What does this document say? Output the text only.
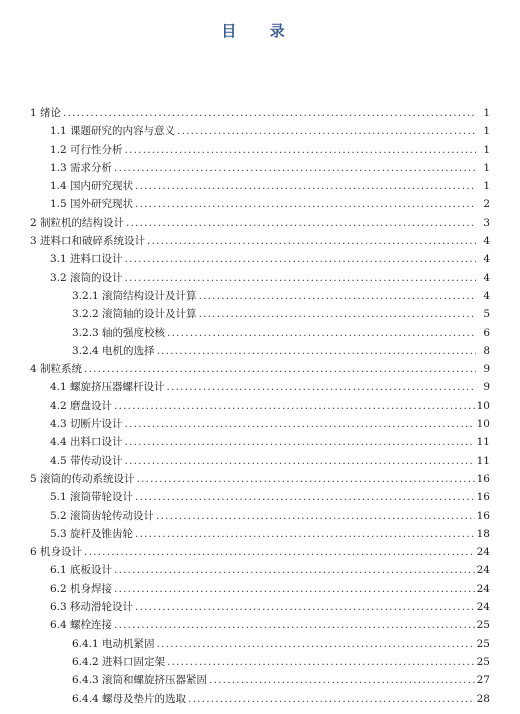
目 录
1 绪论 .....	1
1.1 课题研究的内容与意义 .....	1
1.2 可行性分析 .....	1
1.3 需求分析 .....	1
1.4 国内研究现状 .....	1
1.5 国外研究现状 .....	2
2 制粒机的结构设计 .....	3
3 进料口和破碎系统设计 .....	4
3.1 进料口设计 .....	4
3.2 滚筒的设计 .....	4
3.2.1 滚筒结构设计及计算 .....	4
3.2.2 滚筒轴的设计及计算 .....	5
3.2.3 轴的强度校核 .....	6
3.2.4 电机的选择 .....	8
4 制粒系统 .....	9
4.1 螺旋挤压器螺杆设计 .....	9
4.2 磨盘设计 .....	10
4.3 切断片设计 .....	10
4.4 出料口设计 .....	11
4.5 带传动设计 .....	11
5 滚筒的传动系统设计 .....	16
5.1 滚筒带轮设计 .....	16
5.2 滚筒齿轮传动设计 .....	16
5.3 旋杆及锥齿轮 .....	18
6 机身设计 .....	24
6.1 底板设计 .....	24
6.2 机身焊接 .....	24
6.3 移动滑轮设计 .....	24
6.4 螺栓连接 .....	25
6.4.1 电动机紧固 .....	25
6.4.2 进料口固定架 .....	25
6.4.3 滚筒和螺旋挤压器紧固 .....	27
6.4.4 螺母及垫片的选取 .....	28
